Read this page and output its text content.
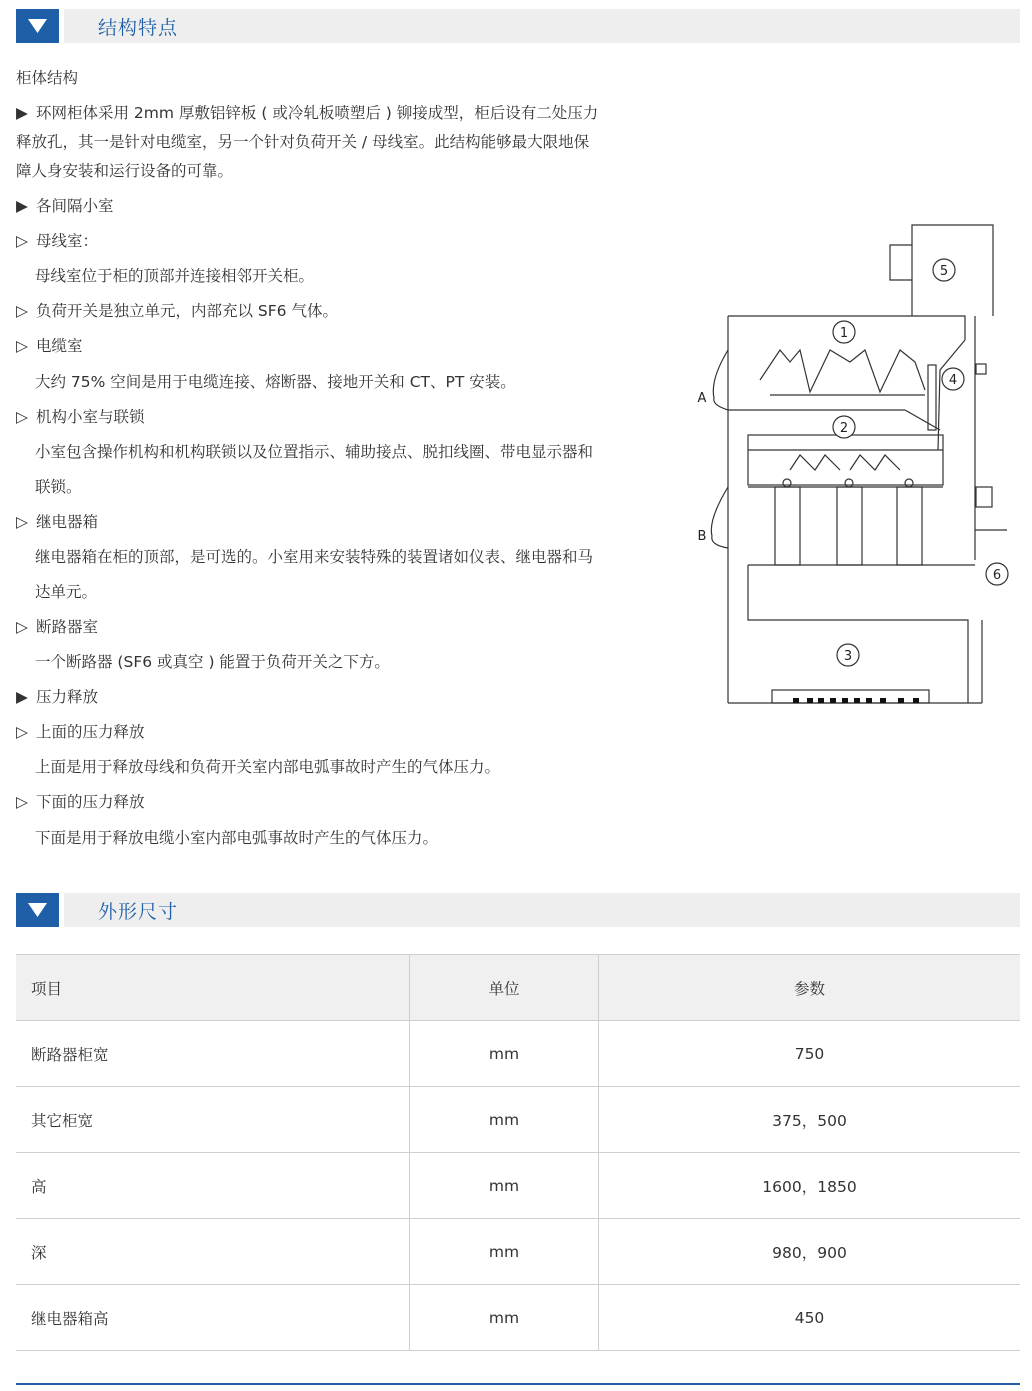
结构特点
柜体结构
▶ 环网柜体采用 2mm 厚敷铝锌板 ( 或冷轧板喷塑后 ) 铆接成型，柜后设有二处压力
释放孔，其一是针对电缆室，另一个针对负荷开关 / 母线室。此结构能够最大限地保
障人身安装和运行设备的可靠。
▶ 各间隔小室
▷ 母线室：
母线室位于柜的顶部并连接相邻开关柜。
▷ 负荷开关是独立单元，内部充以 SF6 气体。
▷ 电缆室
大约 75% 空间是用于电缆连接、熔断器、接地开关和 CT、PT 安装。
▷ 机构小室与联锁
小室包含操作机构和机构联锁以及位置指示、辅助接点、脱扣线圈、带电显示器和
联锁。
▷ 继电器箱
继电器箱在柜的顶部，是可选的。小室用来安装特殊的装置诸如仪表、继电器和马
达单元。
▷ 断路器室
一个断路器 (SF6 或真空 ) 能置于负荷开关之下方。
▶ 压力释放
▷ 上面的压力释放
上面是用于释放母线和负荷开关室内部电弧事故时产生的气体压力。
▷ 下面的压力释放
下面是用于释放电缆小室内部电弧事故时产生的气体压力。
5
1
4
2
6
3
A
B
外形尺寸
项目	单位	参数
断路器柜宽	mm	750
其它柜宽	mm	375，500
高	mm	1600，1850
深	mm	980，900
继电器箱高	mm	450
